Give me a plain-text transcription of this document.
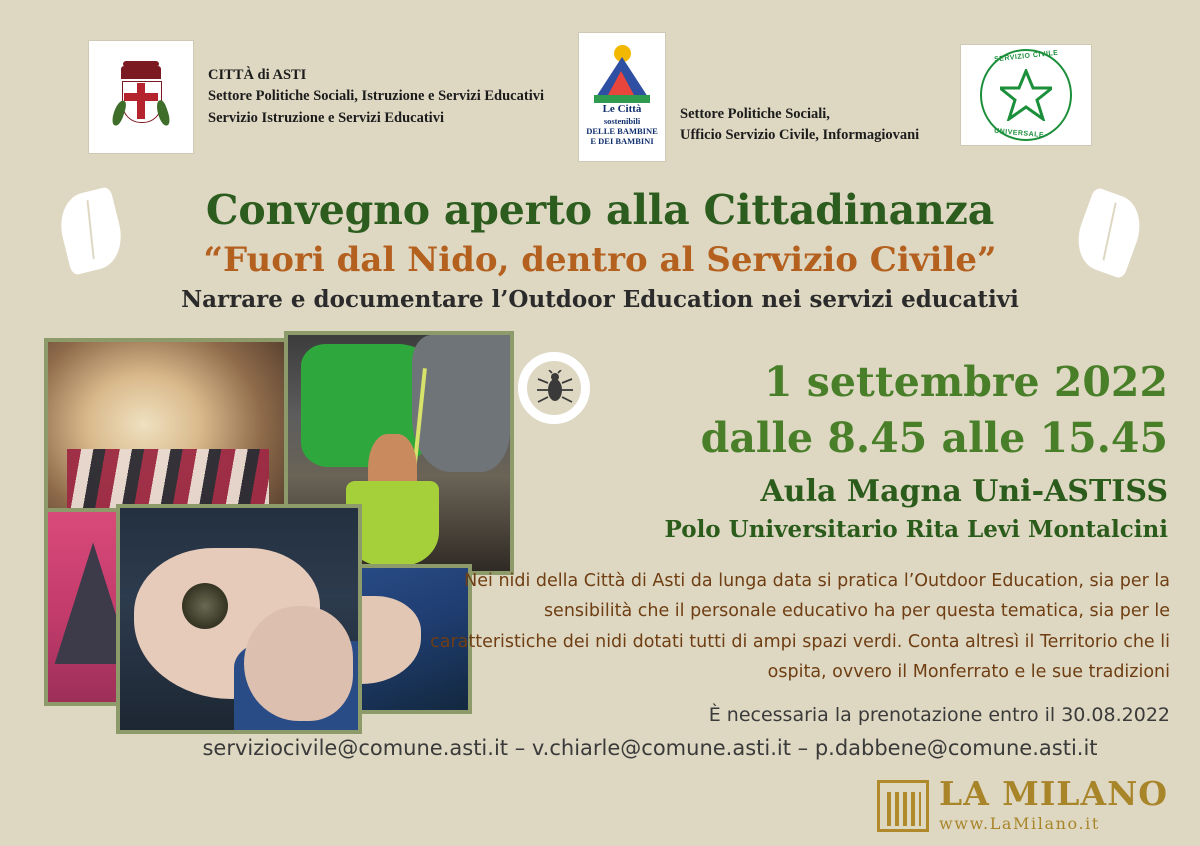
CITTÀ di ASTI
Settore Politiche Sociali, Istruzione e Servizi Educativi
Servizio Istruzione e Servizi Educativi
Le Città
sostenibili
DELLE BAMBINE
E DEI BAMBINI
Settore Politiche Sociali,
Ufficio Servizio Civile, Informagiovani
SERVIZIO CIVILE
UNIVERSALE
Convegno aperto alla Cittadinanza
“Fuori dal Nido, dentro al Servizio Civile”
Narrare e documentare l’Outdoor Education nei servizi educativi
1 settembre 2022
dalle 8.45 alle 15.45
Aula Magna Uni-ASTISS
Polo Universitario Rita Levi Montalcini
Nei nidi della Città di Asti da lunga data si pratica l’Outdoor Education, sia per la sensibilità che il personale educativo ha per questa tematica, sia per le caratteristiche dei nidi dotati tutti di ampi spazi verdi. Conta altresì il Territorio che li ospita, ovvero il Monferrato e le sue tradizioni
È necessaria la prenotazione entro il 30.08.2022
serviziocivile@comune.asti.it – v.chiarle@comune.asti.it – p.dabbene@comune.asti.it
LA MILANO
www.LaMilano.it
